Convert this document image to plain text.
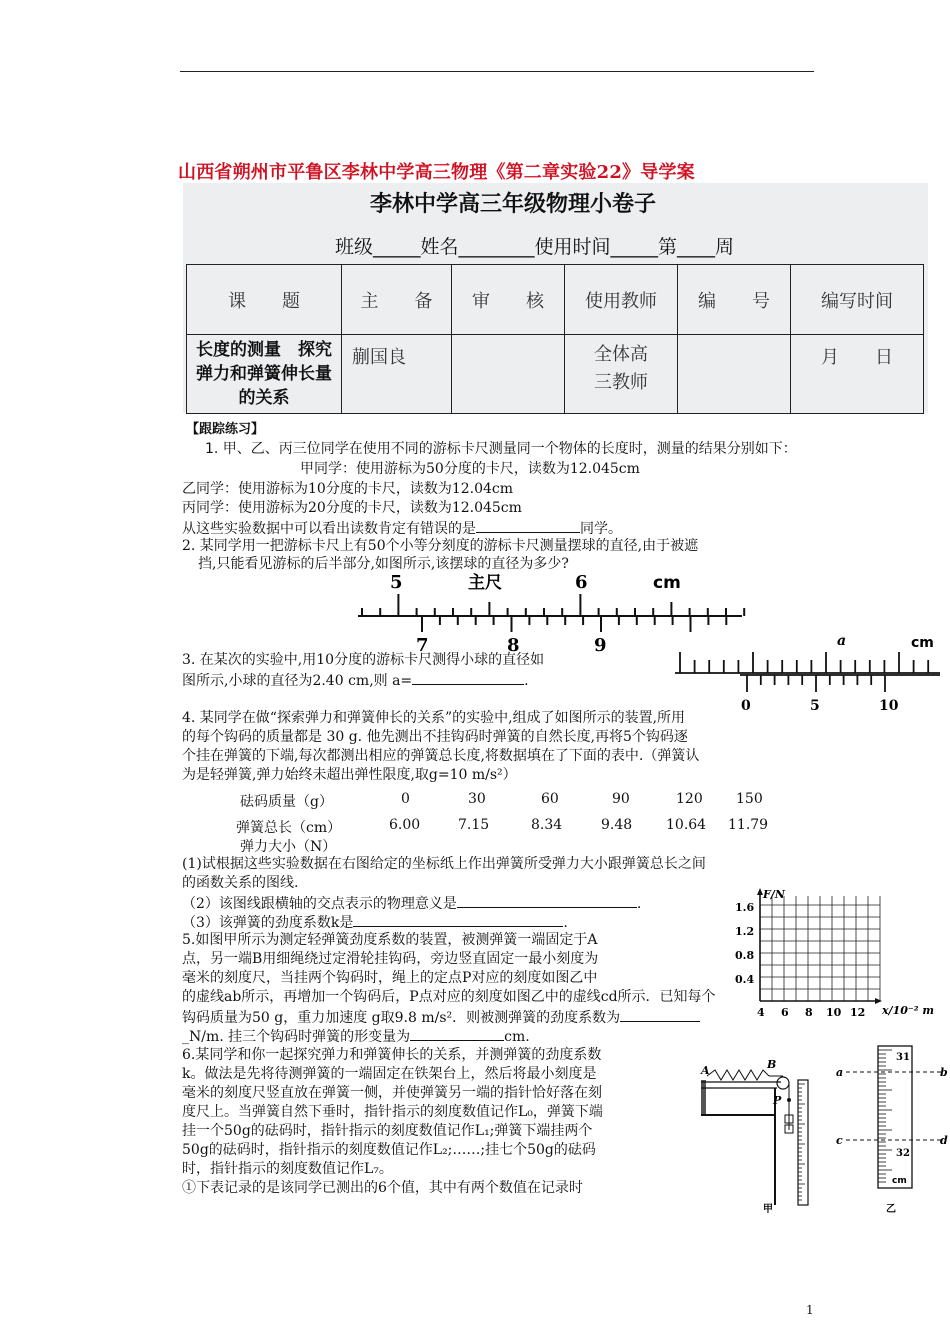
山西省朔州市平鲁区李林中学高三物理《第二章实验22》导学案
李林中学高三年级物理小卷子
班级_____姓名________使用时间_____第____周
课　　题	主　　备	审　　核	使用教师	编　　号	编写时间
长度的测量　探究弹力和弹簧伸长量的关系	蒯国良		全体高三教师		月　　日
【跟踪练习】
1. 甲、乙、丙三位同学在使用不同的游标卡尺测量同一个物体的长度时，测量的结果分别如下：
甲同学：使用游标为50分度的卡尺，读数为12.045cm
乙同学：使用游标为10分度的卡尺，读数为12.04cm
丙同学：使用游标为20分度的卡尺，读数为12.045cm
从这些实验数据中可以看出读数肯定有错误的是	同学。
2. 某同学用一把游标卡尺上有50个小等分刻度的游标卡尺测量摆球的直径,由于被遮
挡,只能看见游标的后半部分,如图所示,该摆球的直径为多少?
5	主尺	6	cm
7	8	9
3. 在某次的实验中,用10分度的游标卡尺测得小球的直径如
图所示,小球的直径为2.40 cm,则 a=	.
a	cm
0	5	10
4. 某同学在做“探索弹力和弹簧伸长的关系”的实验中,组成了如图所示的装置,所用
的每个钩码的质量都是 30 g. 他先测出不挂钩码时弹簧的自然长度,再将5个钩码逐
个挂在弹簧的下端,每次都测出相应的弹簧总长度,将数据填在了下面的表中.（弹簧认
为是轻弹簧,弹力始终未超出弹性限度,取g=10 m/s²）
砝码质量（g）	0	30	60	90	120 150
弹簧总长（cm）	6.00	7.15	8.34	9.48 10.64 11.79
弹力大小（N）
(1)试根据这些实验数据在右图给定的坐标纸上作出弹簧所受弹力大小跟弹簧总长之间
的函数关系的图线.
（2）该图线跟横轴的交点表示的物理意义是	.
（3）该弹簧的劲度系数k是	.
F/N
x/10⁻² m
1.6
1.2
0.8
0.4
4 6 8 10 12
5.如图甲所示为测定轻弹簧劲度系数的装置，被测弹簧一端固定于A
点，另一端B用细绳绕过定滑轮挂钩码，旁边竖直固定一最小刻度为
毫米的刻度尺，当挂两个钩码时，绳上的定点P对应的刻度如图乙中
的虚线ab所示，再增加一个钩码后，P点对应的刻度如图乙中的虚线cd所示．已知每个
钩码质量为50 g，重力加速度 g取9.8 m/s²．则被测弹簧的劲度系数为
_N/m. 挂三个钩码时弹簧的形变量为	cm.
6.某同学和你一起探究弹力和弹簧伸长的关系，并测弹簧的劲度系数
k。做法是先将待测弹簧的一端固定在铁架台上，然后将最小刻度是
毫米的刻度尺竖直放在弹簧一侧，并使弹簧另一端的指针恰好落在刻
度尺上。当弹簧自然下垂时，指针指示的刻度数值记作L₀，弹簧下端
挂一个50g的砝码时，指针指示的刻度数值记作L₁;弹簧下端挂两个
50g的砝码时，指针指示的刻度数值记作L₂;……;挂七个50g的砝码
时，指针指示的刻度数值记作L₇。
①下表记录的是该同学已测出的6个值，其中有两个数值在记录时
A	B
P
甲
a	b
c	d
31
32
cm
乙
1
